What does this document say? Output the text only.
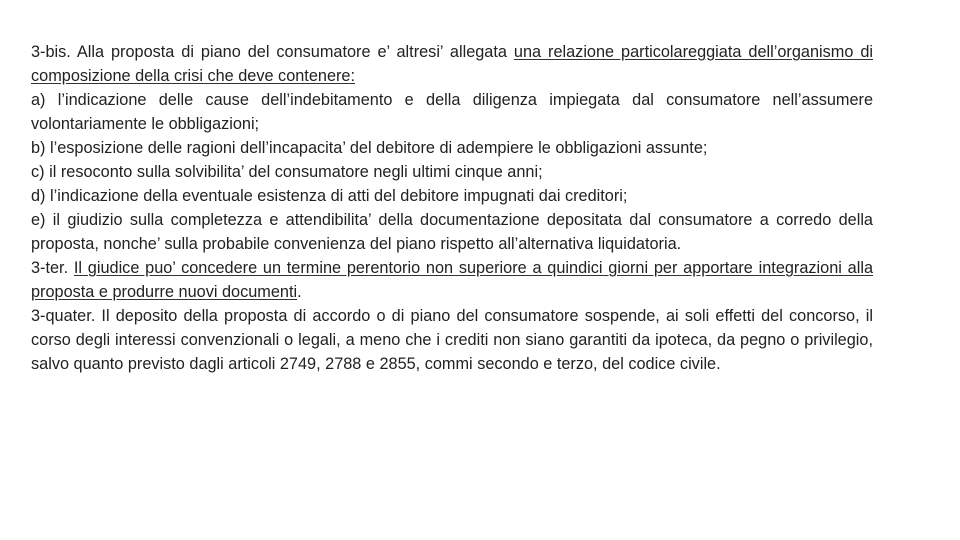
3-bis. Alla proposta di piano del consumatore e’ altresi’ allegata una relazione particolareggiata dell’organismo di composizione della crisi che deve contenere:

a) l’indicazione delle cause dell’indebitamento e della diligenza impiegata dal consumatore nell’assumere volontariamente le obbligazioni;

b) l’esposizione delle ragioni dell’incapacita’ del debitore di adempiere le obbligazioni assunte;

c) il resoconto sulla solvibilita’ del consumatore negli ultimi cinque anni;

d) l’indicazione della eventuale esistenza di atti del debitore impugnati dai creditori;

e) il giudizio sulla completezza e attendibilita’ della documentazione depositata dal consumatore a corredo della proposta, nonche’ sulla probabile convenienza del piano rispetto all’alternativa liquidatoria.

3-ter. Il giudice puo’ concedere un termine perentorio non superiore a quindici giorni per apportare integrazioni alla proposta e produrre nuovi documenti.

3-quater. Il deposito della proposta di accordo o di piano del consumatore sospende, ai soli effetti del concorso, il corso degli interessi convenzionali o legali, a meno che i crediti non siano garantiti da ipoteca, da pegno o privilegio, salvo quanto previsto dagli articoli 2749, 2788 e 2855, commi secondo e terzo, del codice civile.
